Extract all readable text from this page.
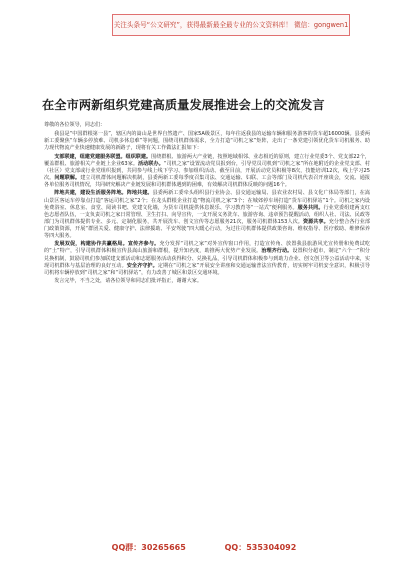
关注头条号“公文研究”，获得最新最全最专业的公文资料库！ 微信：gongwen1
在全市两新组织党建高质量发展推进会上的交流发言

尊敬的各位领导，同志们：

我县是“中国群根第一县”，辖区内的嵩山是世界自然遗产、国家5A级景区，每年往返我县的运输车辆和服务游客的货车超16000辆。县委两新工委聚焦“车辆多停放难、司机多休息难”等问题，围绕司机群体需求，全力打造“司机之家”矩阵，走出了一条党建引领优化货车司机服务、助力现代物流产业快速健康发展的新路子，现将有关工作做法汇报如下：

支部联建，组建党建服务联盟。组织联建。围绕群根、旅游两大产业链，按照地域相邻、业态相近的原则，建立行业党委3个、党支部22个，覆盖群根、旅游相关产业链上企业63家。活动联办。“司机之家”设置流动党员报到台，引导党员司机到“司机之家”所在地附近的企业党支部、村（社区）党支部或行业党组织报到，共同参与线上线下学习、参加组织活动、截至目前，开展活动党员积极等8次，技能培训12次，线上学习25次。问题联解。建立司机群体问题解决机制，县委两新工委每季度召集司法、交通运输、妇联、工会等部门及司机代表召开座谈会，交流、通报各单位服务司机情况，共同研究解决产业链发展和司机群体遇到的困难，有效解决司机群体反映的问题16个。

阵地共建，建设生活服务阵地。阵地共建。县委两新工委牵头组织县行业协会、县交通运输局、县农业农村局、县文化广体局等部门，在嵩山景区客运车停靠点打造“客运司机之家”2个；在龙头群根企业打造“物流司机之家”3个；在城郊停车场打造“货车司机驿站”1个。司机之家内设免费浴室、休息室、食堂、阅读书吧、党建文化墙，为货车司机提供休息娱乐、学习教育等“一站式”便利服务。服务共同。行业党委组建两支红色志愿者队伍，一支负责司机之家日常管理、卫生打扫、向导宣传，一支开展义务洗车、旅游咨询、违章预告提醒活动，组织人社、司法、民政等部门为司机群体提供专业、多元、定制化服务，共开展洗车、创文宣传等志愿服务21次，服务司机群体153人次。资源共享。充分整合各行业部门政策资源，开展“群团关爱、健康守护、法律援助、平安驾驶”四大暖心行动，为过往司机群体提供政策咨询、维权指导、医疗救助、维修保养等四大服务。

发展双促，构建协作共赢格局。宣传齐参与。充分发挥“司机之家”对外宣传窗口作用，打造宣传角、放置我县旅游风光宣传册和免费试吃的“土”特产，引导司机群体积极宣传县嵩山旅游和群根，提升知名度，助推两大优势产业发展。治理齐行动。设置积分超市，制定“六个一”积分兑换机制，鼓励司机们参加联建支部活动和志愿服务活动获得积分、兑换礼品，引导司机群体积极参与到助力企业、创文创卫等公益活动中来，实现司机群体与基层治理的良好互动。安全齐守护。定期在“司机之家”开展安全讲座和交通运输普法宣传教育，切实树牢司机安全意识，积极引导司机将车辆停放到“司机之家”和“司机驿站”，有力改善了城区和景区交通环境。

发言完毕，不当之处，请各位领导和同志们批评指正，谢谢大家。

QQ群：30265665	QQ：535304092
